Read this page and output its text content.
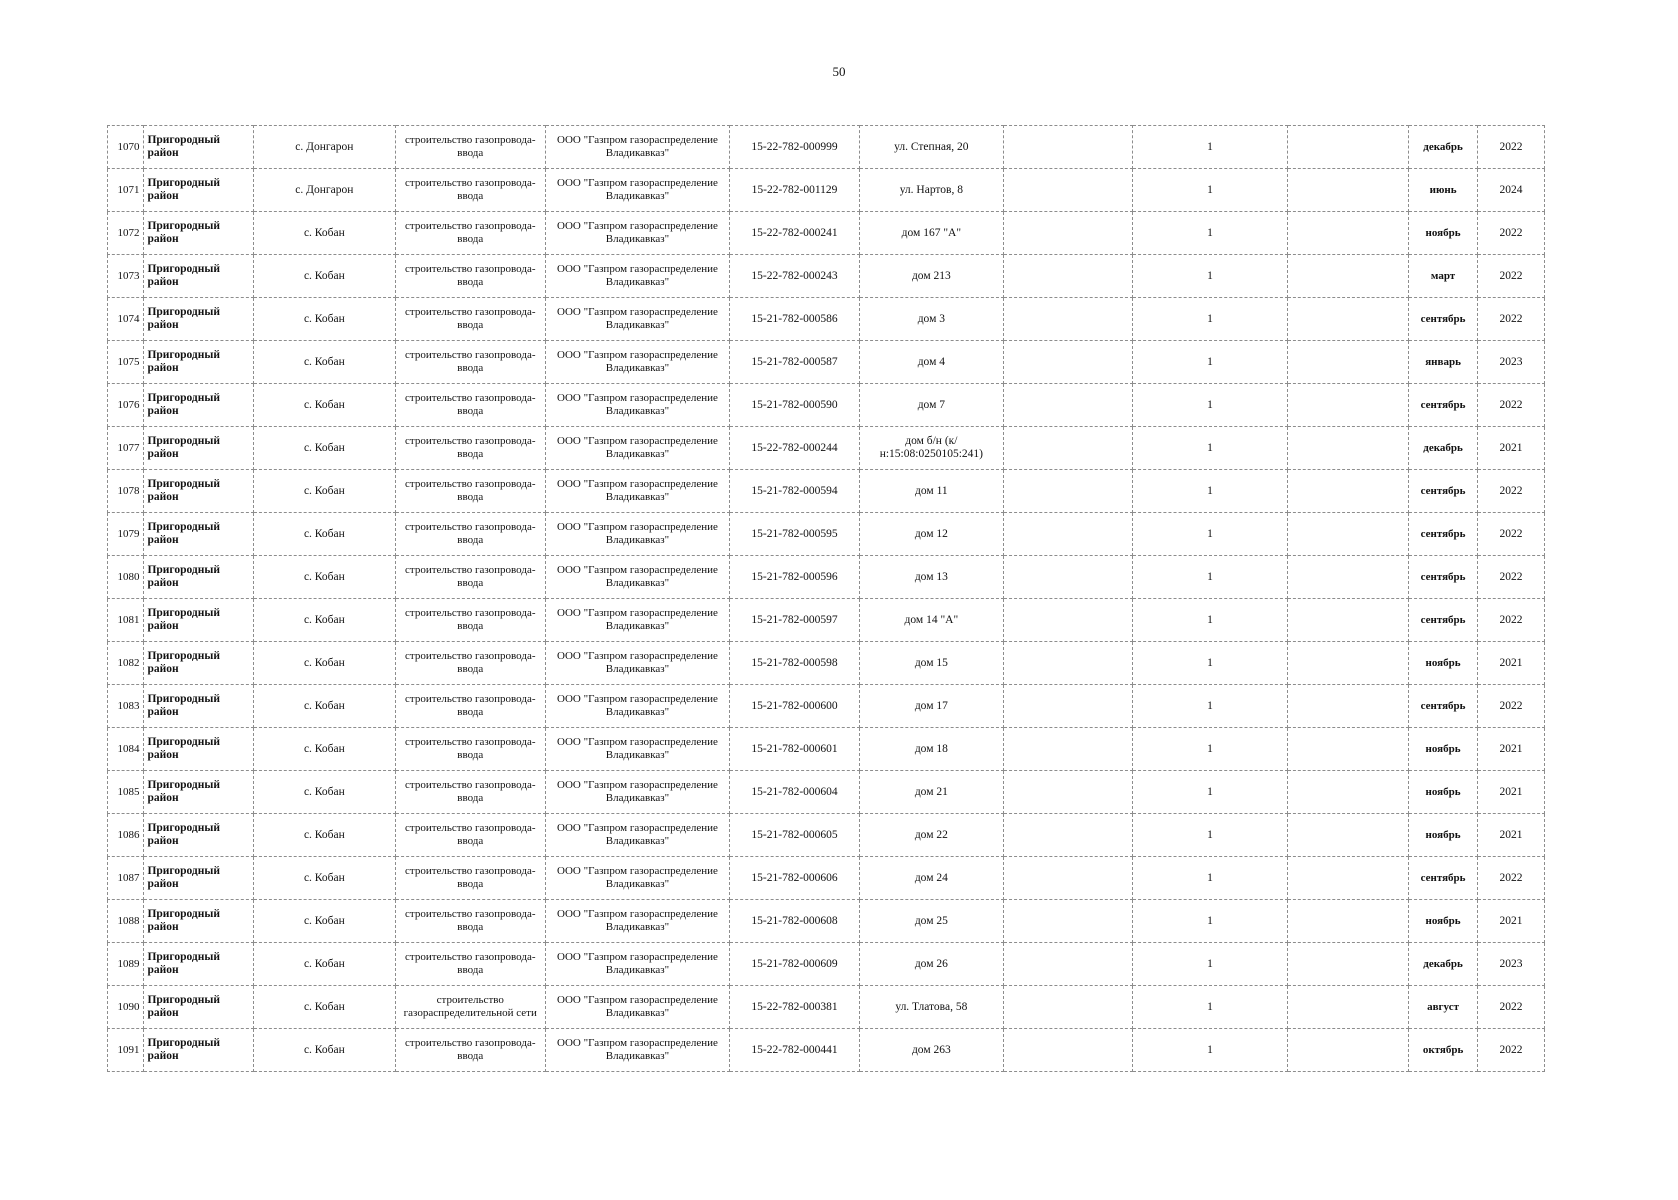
50
1070	Пригородный район	с. Донгарон	строительство газопровода-ввода	ООО "Газпром газораспределение Владикавказ"	15-22-782-000999	ул. Степная, 20		1		декабрь	2022
1071	Пригородный район	с. Донгарон	строительство газопровода-ввода	ООО "Газпром газораспределение Владикавказ"	15-22-782-001129	ул. Нартов, 8		1		июнь	2024
1072	Пригородный район	с. Кобан	строительство газопровода-ввода	ООО "Газпром газораспределение Владикавказ"	15-22-782-000241	дом 167 "А"		1		ноябрь	2022
1073	Пригородный район	с. Кобан	строительство газопровода-ввода	ООО "Газпром газораспределение Владикавказ"	15-22-782-000243	дом 213		1		март	2022
1074	Пригородный район	с. Кобан	строительство газопровода-ввода	ООО "Газпром газораспределение Владикавказ"	15-21-782-000586	дом 3		1		сентябрь	2022
1075	Пригородный район	с. Кобан	строительство газопровода-ввода	ООО "Газпром газораспределение Владикавказ"	15-21-782-000587	дом 4		1		январь	2023
1076	Пригородный район	с. Кобан	строительство газопровода-ввода	ООО "Газпром газораспределение Владикавказ"	15-21-782-000590	дом 7		1		сентябрь	2022
1077	Пригородный район	с. Кобан	строительство газопровода-ввода	ООО "Газпром газораспределение Владикавказ"	15-22-782-000244	дом б/н (к/н:15:08:0250105:241)		1		декабрь	2021
1078	Пригородный район	с. Кобан	строительство газопровода-ввода	ООО "Газпром газораспределение Владикавказ"	15-21-782-000594	дом 11		1		сентябрь	2022
1079	Пригородный район	с. Кобан	строительство газопровода-ввода	ООО "Газпром газораспределение Владикавказ"	15-21-782-000595	дом 12		1		сентябрь	2022
1080	Пригородный район	с. Кобан	строительство газопровода-ввода	ООО "Газпром газораспределение Владикавказ"	15-21-782-000596	дом 13		1		сентябрь	2022
1081	Пригородный район	с. Кобан	строительство газопровода-ввода	ООО "Газпром газораспределение Владикавказ"	15-21-782-000597	дом 14 "А"		1		сентябрь	2022
1082	Пригородный район	с. Кобан	строительство газопровода-ввода	ООО "Газпром газораспределение Владикавказ"	15-21-782-000598	дом 15		1		ноябрь	2021
1083	Пригородный район	с. Кобан	строительство газопровода-ввода	ООО "Газпром газораспределение Владикавказ"	15-21-782-000600	дом 17		1		сентябрь	2022
1084	Пригородный район	с. Кобан	строительство газопровода-ввода	ООО "Газпром газораспределение Владикавказ"	15-21-782-000601	дом 18		1		ноябрь	2021
1085	Пригородный район	с. Кобан	строительство газопровода-ввода	ООО "Газпром газораспределение Владикавказ"	15-21-782-000604	дом 21		1		ноябрь	2021
1086	Пригородный район	с. Кобан	строительство газопровода-ввода	ООО "Газпром газораспределение Владикавказ"	15-21-782-000605	дом 22		1		ноябрь	2021
1087	Пригородный район	с. Кобан	строительство газопровода-ввода	ООО "Газпром газораспределение Владикавказ"	15-21-782-000606	дом 24		1		сентябрь	2022
1088	Пригородный район	с. Кобан	строительство газопровода-ввода	ООО "Газпром газораспределение Владикавказ"	15-21-782-000608	дом 25		1		ноябрь	2021
1089	Пригородный район	с. Кобан	строительство газопровода-ввода	ООО "Газпром газораспределение Владикавказ"	15-21-782-000609	дом 26		1		декабрь	2023
1090	Пригородный район	с. Кобан	строительство газораспределительной сети	ООО "Газпром газораспределение Владикавказ"	15-22-782-000381	ул. Тлатова, 58		1		август	2022
1091	Пригородный район	с. Кобан	строительство газопровода-ввода	ООО "Газпром газораспределение Владикавказ"	15-22-782-000441	дом 263		1		октябрь	2022
